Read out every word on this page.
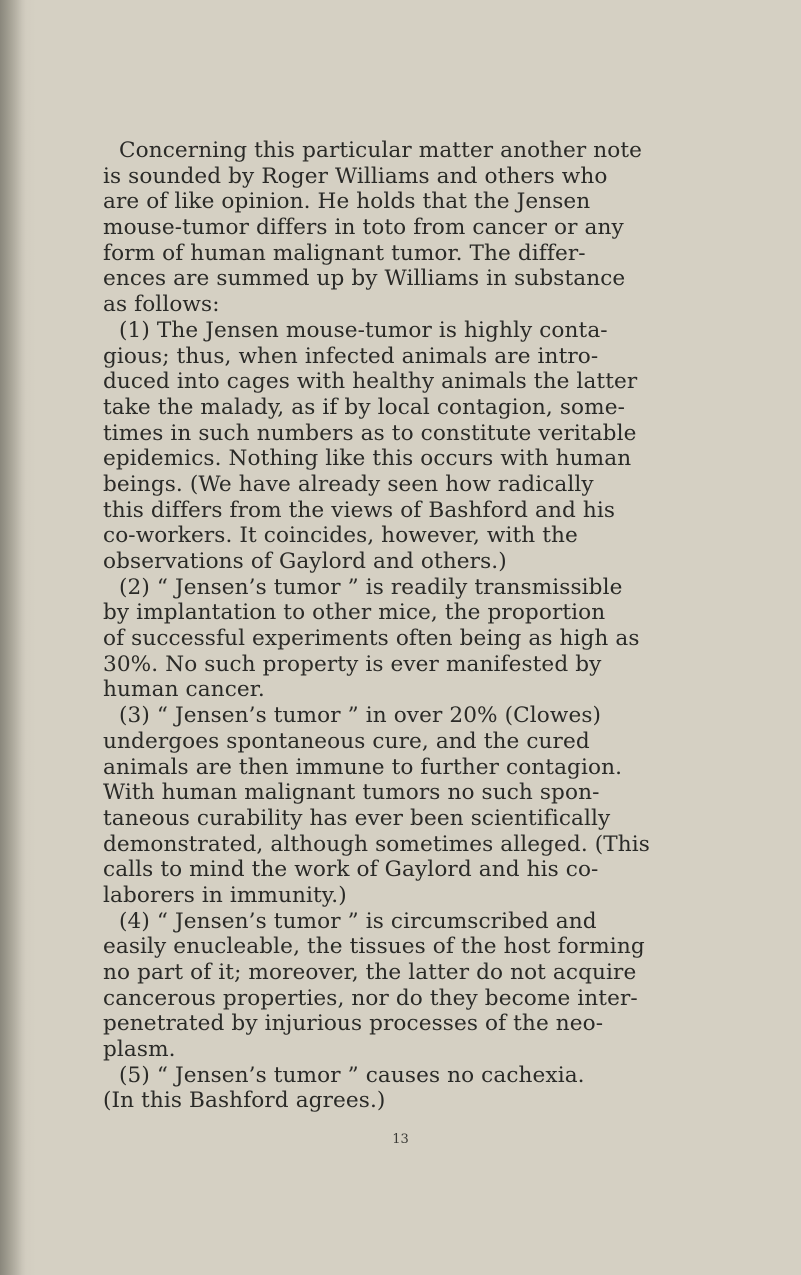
Concerning this particular matter another note
is sounded by Roger Williams and others who
are of like opinion. He holds that the Jensen
mouse-tumor differs in toto from cancer or any
form of human malignant tumor. The differ-
ences are summed up by Williams in substance
as follows:
(1) The Jensen mouse-tumor is highly conta-
gious; thus, when infected animals are intro-
duced into cages with healthy animals the latter
take the malady, as if by local contagion, some-
times in such numbers as to constitute veritable
epidemics. Nothing like this occurs with human
beings. (We have already seen how radically
this differs from the views of Bashford and his
co-workers. It coincides, however, with the
observations of Gaylord and others.)
(2) “ Jensen’s tumor ” is readily transmissible
by implantation to other mice, the proportion
of successful experiments often being as high as
30%. No such property is ever manifested by
human cancer.
(3) “ Jensen’s tumor ” in over 20% (Clowes)
undergoes spontaneous cure, and the cured
animals are then immune to further contagion.
With human malignant tumors no such spon-
taneous curability has ever been scientifically
demonstrated, although sometimes alleged. (This
calls to mind the work of Gaylord and his co-
laborers in immunity.)
(4) “ Jensen’s tumor ” is circumscribed and
easily enucleable, the tissues of the host forming
no part of it; moreover, the latter do not acquire
cancerous properties, nor do they become inter-
penetrated by injurious processes of the neo-
plasm.
(5) “ Jensen’s tumor ” causes no cachexia.
(In this Bashford agrees.)
13
